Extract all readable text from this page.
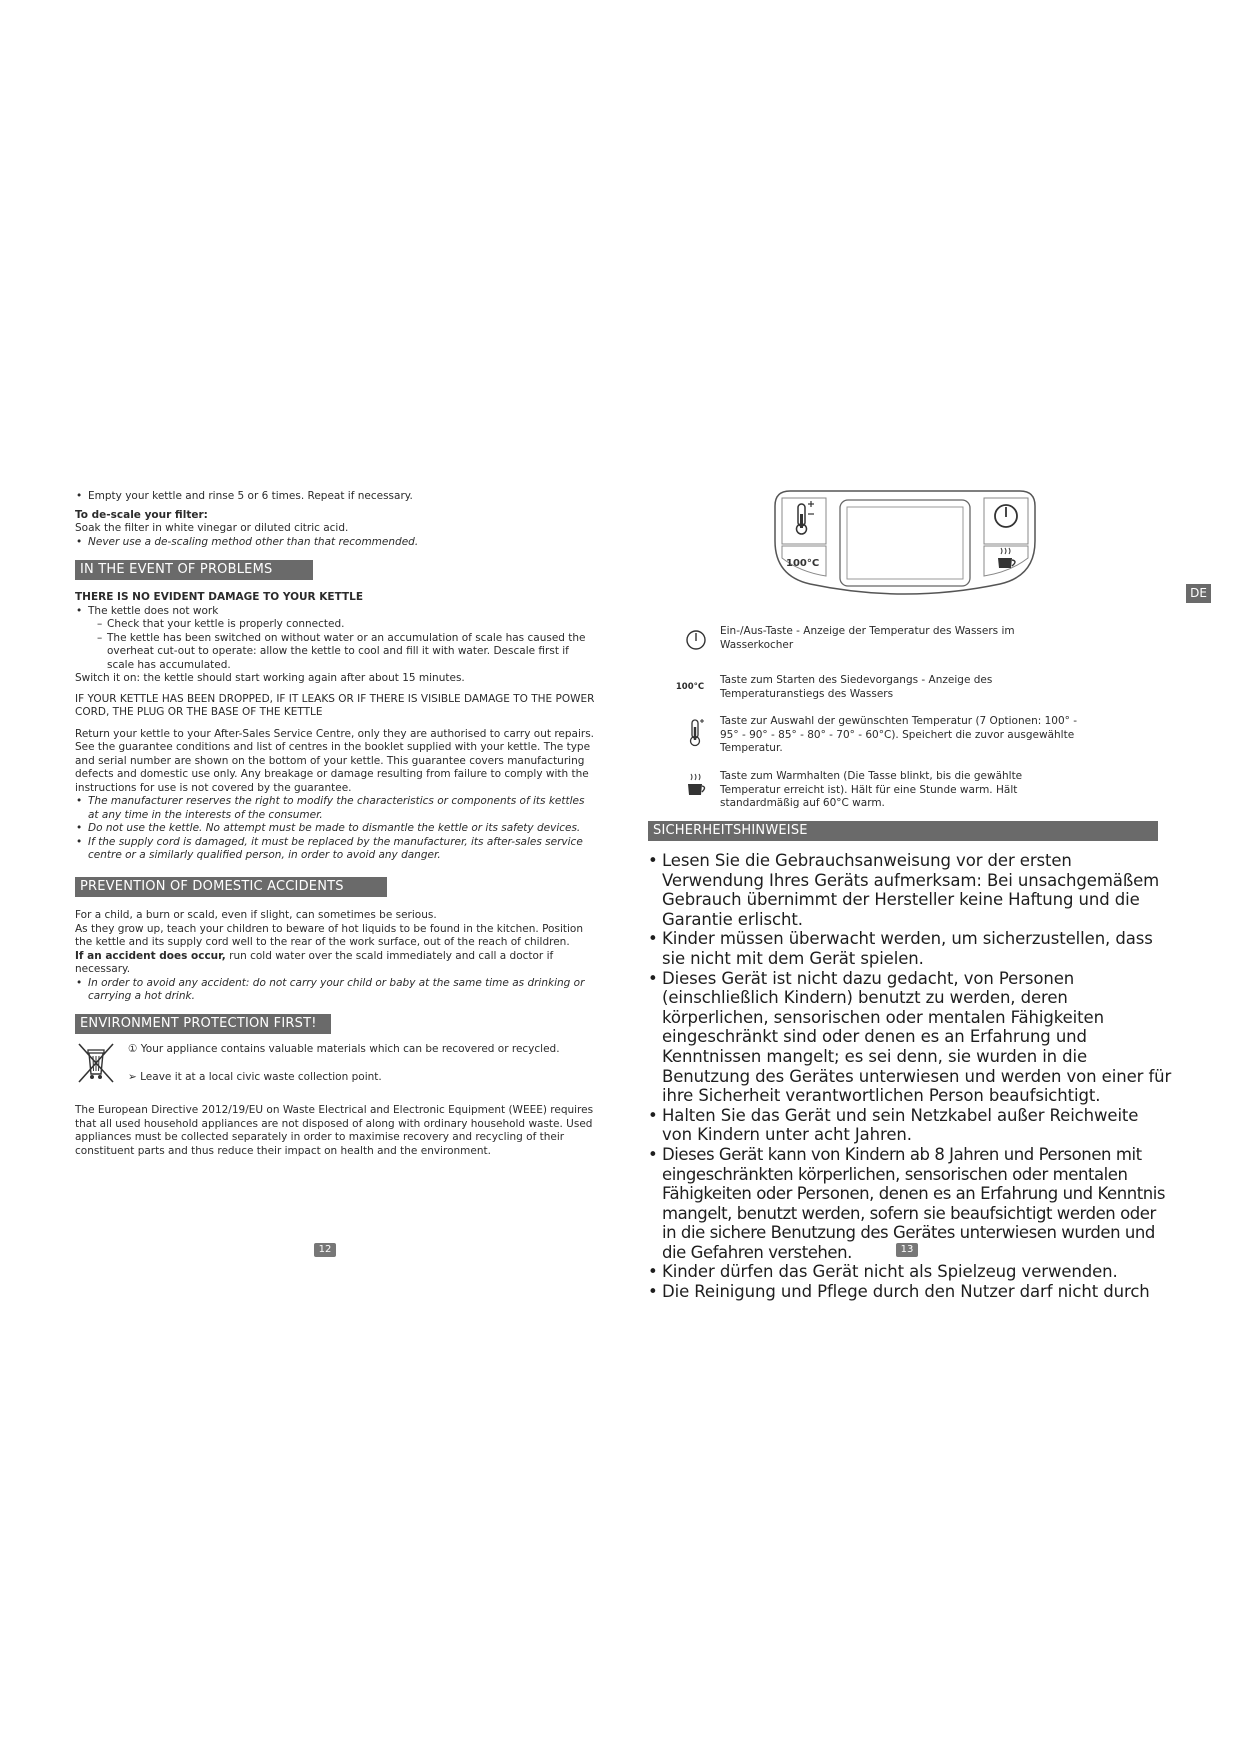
• Empty your kettle and rinse 5 or 6 times. Repeat if necessary.
To de-scale your filter:
Soak the filter in white vinegar or diluted citric acid.
• Never use a de-scaling method other than that recommended.
IN THE EVENT OF PROBLEMS
THERE IS NO EVIDENT DAMAGE TO YOUR KETTLE
• The kettle does not work
– Check that your kettle is properly connected.
– The kettle has been switched on without water or an accumulation of scale has caused the overheat cut-out to operate: allow the kettle to cool and fill it with water. Descale first if scale has accumulated.
Switch it on: the kettle should start working again after about 15 minutes.
IF YOUR KETTLE HAS BEEN DROPPED, IF IT LEAKS OR IF THERE IS VISIBLE DAMAGE TO THE POWER CORD, THE PLUG OR THE BASE OF THE KETTLE
Return your kettle to your After-Sales Service Centre, only they are authorised to carry out repairs. See the guarantee conditions and list of centres in the booklet supplied with your kettle. The type and serial number are shown on the bottom of your kettle. This guarantee covers manufacturing defects and domestic use only. Any breakage or damage resulting from failure to comply with the instructions for use is not covered by the guarantee.
• The manufacturer reserves the right to modify the characteristics or components of its kettles at any time in the interests of the consumer.
• Do not use the kettle. No attempt must be made to dismantle the kettle or its safety devices.
• If the supply cord is damaged, it must be replaced by the manufacturer, its after-sales service centre or a similarly qualified person, in order to avoid any danger.
PREVENTION OF DOMESTIC ACCIDENTS
For a child, a burn or scald, even if slight, can sometimes be serious.
As they grow up, teach your children to beware of hot liquids to be found in the kitchen. Position the kettle and its supply cord well to the rear of the work surface, out of the reach of children.
If an accident does occur, run cold water over the scald immediately and call a doctor if necessary.
• In order to avoid any accident: do not carry your child or baby at the same time as drinking or carrying a hot drink.
ENVIRONMENT PROTECTION FIRST!
① Your appliance contains valuable materials which can be recovered or recycled.
➢ Leave it at a local civic waste collection point.
The European Directive 2012/19/EU on Waste Electrical and Electronic Equipment (WEEE) requires that all used household appliances are not disposed of along with ordinary household waste. Used appliances must be collected separately in order to maximise recovery and recycling of their constituent parts and thus reduce their impact on health and the environment.
12
DE
100°C
Ein-/Aus-Taste - Anzeige der Temperatur des Wassers im Wasserkocher
100°C
Taste zum Starten des Siedevorgangs - Anzeige des Temperaturanstiegs des Wassers
Taste zur Auswahl der gewünschten Temperatur (7 Optionen: 100° - 95° - 90° - 85° - 80° - 70° - 60°C). Speichert die zuvor ausgewählte Temperatur.
Taste zum Warmhalten (Die Tasse blinkt, bis die gewählte Temperatur erreicht ist). Hält für eine Stunde warm. Hält standardmäßig auf 60°C warm.
SICHERHEITSHINWEISE
• Lesen Sie die Gebrauchsanweisung vor der ersten Verwendung Ihres Geräts aufmerksam: Bei unsachgemäßem Gebrauch übernimmt der Hersteller keine Haftung und die Garantie erlischt.
• Kinder müssen überwacht werden, um sicherzustellen, dass sie nicht mit dem Gerät spielen.
• Dieses Gerät ist nicht dazu gedacht, von Personen (einschließlich Kindern) benutzt zu werden, deren körperlichen, sensorischen oder mentalen Fähigkeiten eingeschränkt sind oder denen es an Erfahrung und Kenntnissen mangelt; es sei denn, sie wurden in die Benutzung des Gerätes unterwiesen und werden von einer für ihre Sicherheit verantwortlichen Person beaufsichtigt.
• Halten Sie das Gerät und sein Netzkabel außer Reichweite von Kindern unter acht Jahren.
• Dieses Gerät kann von Kindern ab 8 Jahren und Personen mit eingeschränkten körperlichen, sensorischen oder mentalen Fähigkeiten oder Personen, denen es an Erfahrung und Kenntnis mangelt, benutzt werden, sofern sie beaufsichtigt werden oder in die sichere Benutzung des Gerätes unterwiesen wurden und die Gefahren verstehen.
• Kinder dürfen das Gerät nicht als Spielzeug verwenden.
• Die Reinigung und Pflege durch den Nutzer darf nicht durch
13
